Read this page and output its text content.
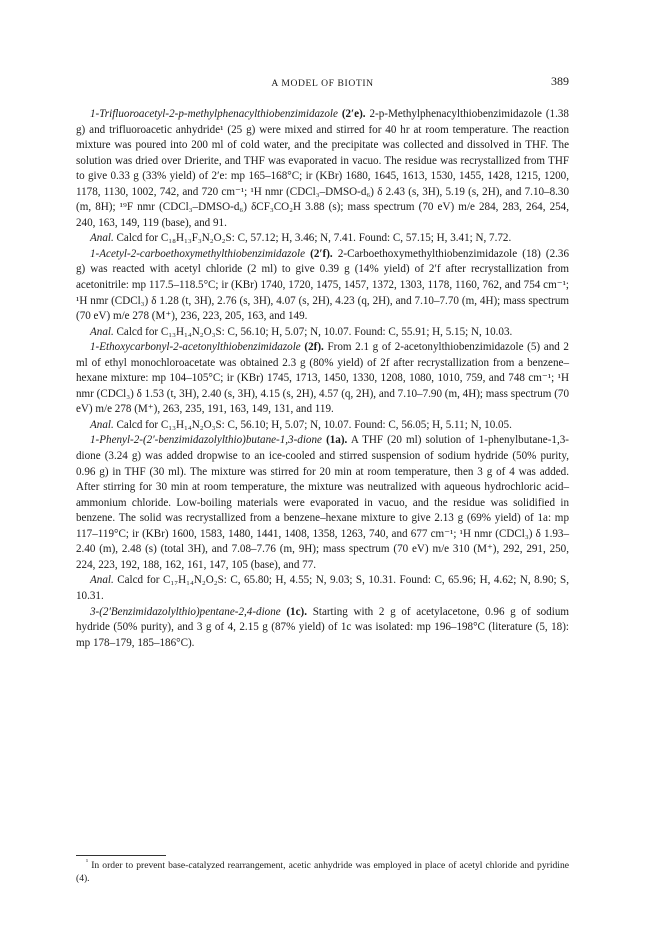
A MODEL OF BIOTIN	389

1-Trifluoroacetyl-2-p-methylphenacylthiobenzimidazole (2′e). 2-p-Methylphenacylthiobenzimidazole (1.38 g) and trifluoroacetic anhydride¹ (25 g) were mixed and stirred for 40 hr at room temperature. The reaction mixture was poured into 200 ml of cold water, and the precipitate was collected and dissolved in THF. The solution was dried over Drierite, and THF was evaporated in vacuo. The residue was recrystallized from THF to give 0.33 g (33% yield) of 2′e: mp 165–168°C; ir (KBr) 1680, 1645, 1613, 1530, 1455, 1428, 1215, 1200, 1178, 1130, 1002, 742, and 720 cm⁻¹; ¹H nmr (CDCl₃–DMSO-d₆) δ 2.43 (s, 3H), 5.19 (s, 2H), and 7.10–8.30 (m, 8H); ¹⁹F nmr (CDCl₃–DMSO-d₆) δCF₃CO₂H 3.88 (s); mass spectrum (70 eV) m/e 284, 283, 264, 254, 240, 163, 149, 119 (base), and 91.

Anal. Calcd for C₁₈H₁₃F₃N₂O₂S: C, 57.12; H, 3.46; N, 7.41. Found: C, 57.15; H, 3.41; N, 7.72.

1-Acetyl-2-carboethoxymethylthiobenzimidazole (2′f). 2-Carboethoxymethylthiobenzimidazole (18) (2.36 g) was reacted with acetyl chloride (2 ml) to give 0.39 g (14% yield) of 2′f after recrystallization from acetonitrile: mp 117.5–118.5°C; ir (KBr) 1740, 1720, 1475, 1457, 1372, 1303, 1178, 1160, 762, and 754 cm⁻¹; ¹H nmr (CDCl₃) δ 1.28 (t, 3H), 2.76 (s, 3H), 4.07 (s, 2H), 4.23 (q, 2H), and 7.10–7.70 (m, 4H); mass spectrum (70 eV) m/e 278 (M⁺), 236, 223, 205, 163, and 149.

Anal. Calcd for C₁₃H₁₄N₂O₃S: C, 56.10; H, 5.07; N, 10.07. Found: C, 55.91; H, 5.15; N, 10.03.

1-Ethoxycarbonyl-2-acetonylthiobenzimidazole (2f). From 2.1 g of 2-acetonylthiobenzimidazole (5) and 2 ml of ethyl monochloroacetate was obtained 2.3 g (80% yield) of 2f after recrystallization from a benzene–hexane mixture: mp 104–105°C; ir (KBr) 1745, 1713, 1450, 1330, 1208, 1080, 1010, 759, and 748 cm⁻¹; ¹H nmr (CDCl₃) δ 1.53 (t, 3H), 2.40 (s, 3H), 4.15 (s, 2H), 4.57 (q, 2H), and 7.10–7.90 (m, 4H); mass spectrum (70 eV) m/e 278 (M⁺), 263, 235, 191, 163, 149, 131, and 119.

Anal. Calcd for C₁₃H₁₄N₂O₃S: C, 56.10; H, 5.07; N, 10.07. Found: C, 56.05; H, 5.11; N, 10.05.

1-Phenyl-2-(2′-benzimidazolylthio)butane-1,3-dione (1a). A THF (20 ml) solution of 1-phenylbutane-1,3-dione (3.24 g) was added dropwise to an ice-cooled and stirred suspension of sodium hydride (50% purity, 0.96 g) in THF (30 ml). The mixture was stirred for 20 min at room temperature, then 3 g of 4 was added. After stirring for 30 min at room temperature, the mixture was neutralized with aqueous hydrochloric acid–ammonium chloride. Low-boiling materials were evaporated in vacuo, and the residue was solidified in benzene. The solid was recrystallized from a benzene–hexane mixture to give 2.13 g (69% yield) of 1a: mp 117–119°C; ir (KBr) 1600, 1583, 1480, 1441, 1408, 1358, 1263, 740, and 677 cm⁻¹; ¹H nmr (CDCl₃) δ 1.93–2.40 (m), 2.48 (s) (total 3H), and 7.08–7.76 (m, 9H); mass spectrum (70 eV) m/e 310 (M⁺), 292, 291, 250, 224, 223, 192, 188, 162, 161, 147, 105 (base), and 77.

Anal. Calcd for C₁₇H₁₄N₂O₂S: C, 65.80; H, 4.55; N, 9.03; S, 10.31. Found: C, 65.96; H, 4.62; N, 8.90; S, 10.31.

3-(2′Benzimidazolylthio)pentane-2,4-dione (1c). Starting with 2 g of acetylacetone, 0.96 g of sodium hydride (50% purity), and 3 g of 4, 2.15 g (87% yield) of 1c was isolated: mp 196–198°C (literature (5, 18): mp 178–179, 185–186°C).

$^{^1}$ In order to prevent base-catalyzed rearrangement, acetic anhydride was employed in place of acetyl chloride and pyridine (4).
